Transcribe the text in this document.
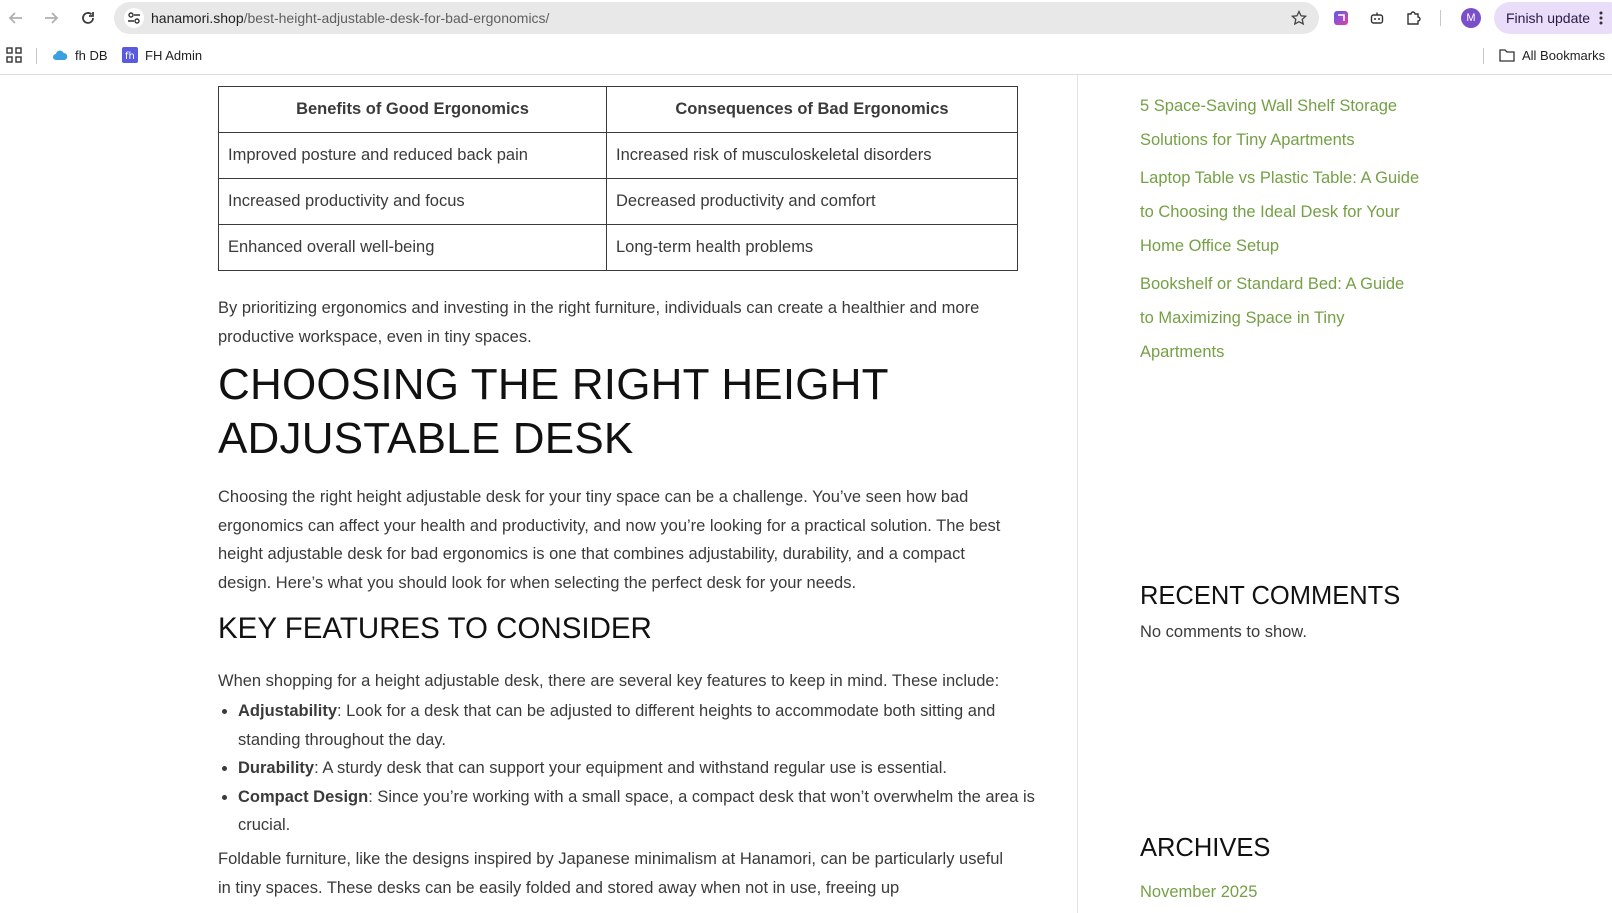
hanamori.shop/best-height-adjustable-desk-for-bad-ergonomics/	M	Finish update
fh DB fh FH Admin	All Bookmarks
Benefits of Good Ergonomics	Consequences of Bad Ergonomics
Improved posture and reduced back pain	Increased risk of musculoskeletal disorders
Increased productivity and focus	Decreased productivity and comfort
Enhanced overall well-being	Long-term health problems

By prioritizing ergonomics and investing in the right furniture, individuals can create a healthier and more productive workspace, even in tiny spaces.

CHOOSING THE RIGHT HEIGHT ADJUSTABLE DESK

Choosing the right height adjustable desk for your tiny space can be a challenge. You’ve seen how bad ergonomics can affect your health and productivity, and now you’re looking for a practical solution. The best height adjustable desk for bad ergonomics is one that combines adjustability, durability, and a compact design. Here’s what you should look for when selecting the perfect desk for your needs.

KEY FEATURES TO CONSIDER

When shopping for a height adjustable desk, there are several key features to keep in mind. These include:

• Adjustability: Look for a desk that can be adjusted to different heights to accommodate both sitting and standing throughout the day.
• Durability: A sturdy desk that can support your equipment and withstand regular use is essential.
• Compact Design: Since you’re working with a small space, a compact desk that won’t overwhelm the area is crucial.

Foldable furniture, like the designs inspired by Japanese minimalism at Hanamori, can be particularly useful in tiny spaces. These desks can be easily folded and stored away when not in use, freeing up

5 Space-Saving Wall Shelf Storage Solutions for Tiny Apartments
Laptop Table vs Plastic Table: A Guide to Choosing the Ideal Desk for Your Home Office Setup
Bookshelf or Standard Bed: A Guide to Maximizing Space in Tiny Apartments
RECENT COMMENTS

No comments to show.

ARCHIVES
November 2025
